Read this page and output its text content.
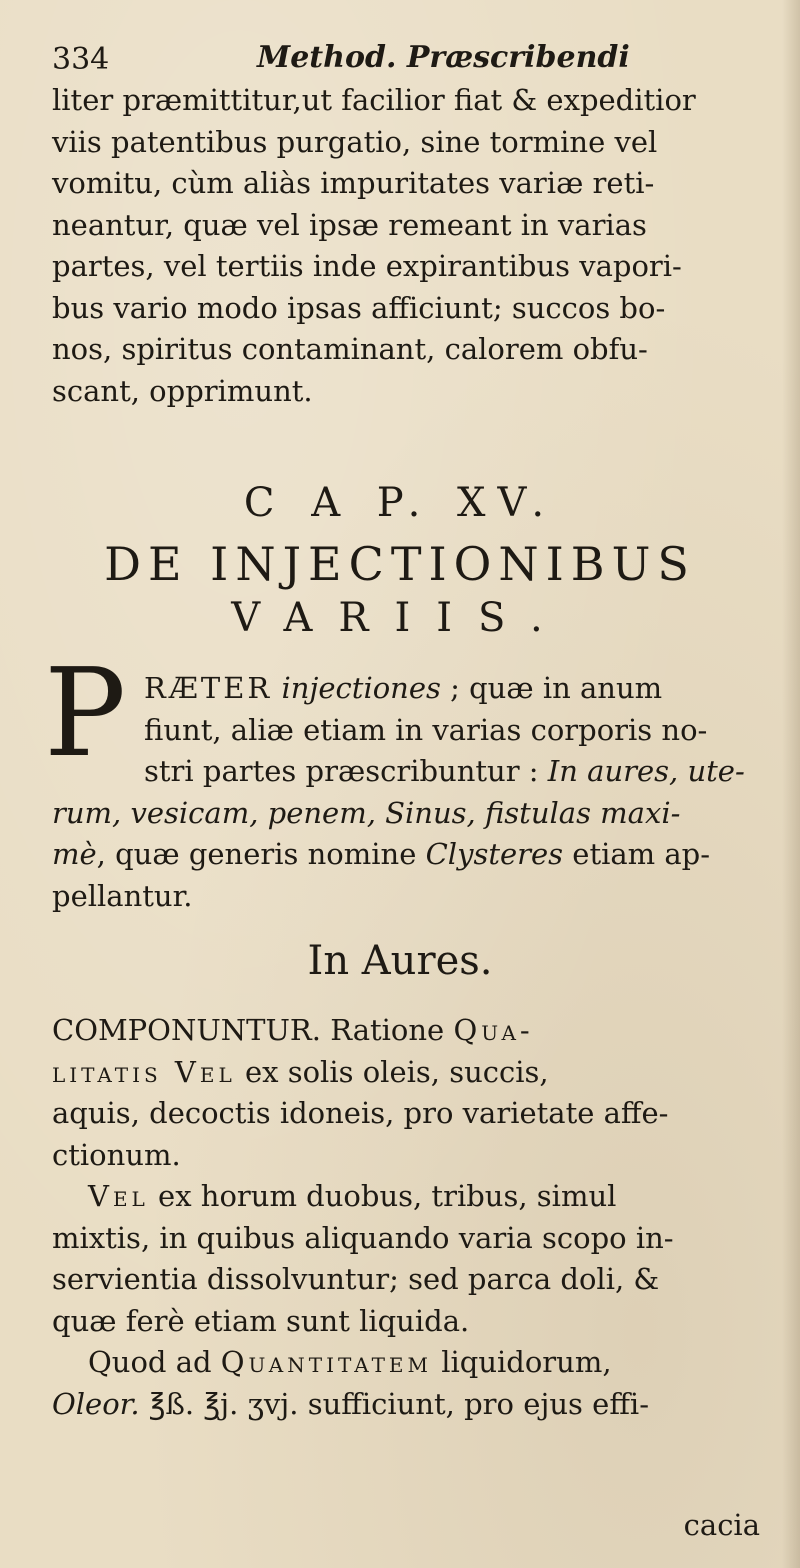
334	Method. Præscribendi
liter præmittitur,ut facilior fiat & expeditior
viis patentibus purgatio, sine tormine vel
vomitu, cùm aliàs impuritates variæ reti-
neantur, quæ vel ipsæ remeant in varias
partes, vel tertiis inde expirantibus vapori-
bus vario modo ipsas afficiunt; succos bo-
nos, spiritus contaminant, calorem obfu-
scant, opprimunt.
C A P. XV.
DE INJECTIONIBUS
VARIIS.
P RÆTER injectiones ; quæ in anum
fiunt, aliæ etiam in varias corporis no-
stri partes præscribuntur : In aures, ute-
rum, vesicam, penem, Sinus, fistulas maxi-
mè, quæ generis nomine Clysteres etiam ap-
pellantur.
In Aures.
COMPONUNTUR. Ratione Qua-
litatis Vel ex solis oleis, succis,
aquis, decoctis idoneis, pro varietate affe-
ctionum.
Vel ex horum duobus, tribus, simul
mixtis, in quibus aliquando varia scopo in-
servientia dissolvuntur; sed parca doli, &
quæ ferè etiam sunt liquida.
Quod ad Quantitatem liquidorum,
Oleor. ℥ß. ℥j. ʒvj. sufficiunt, pro ejus effi-
cacia
